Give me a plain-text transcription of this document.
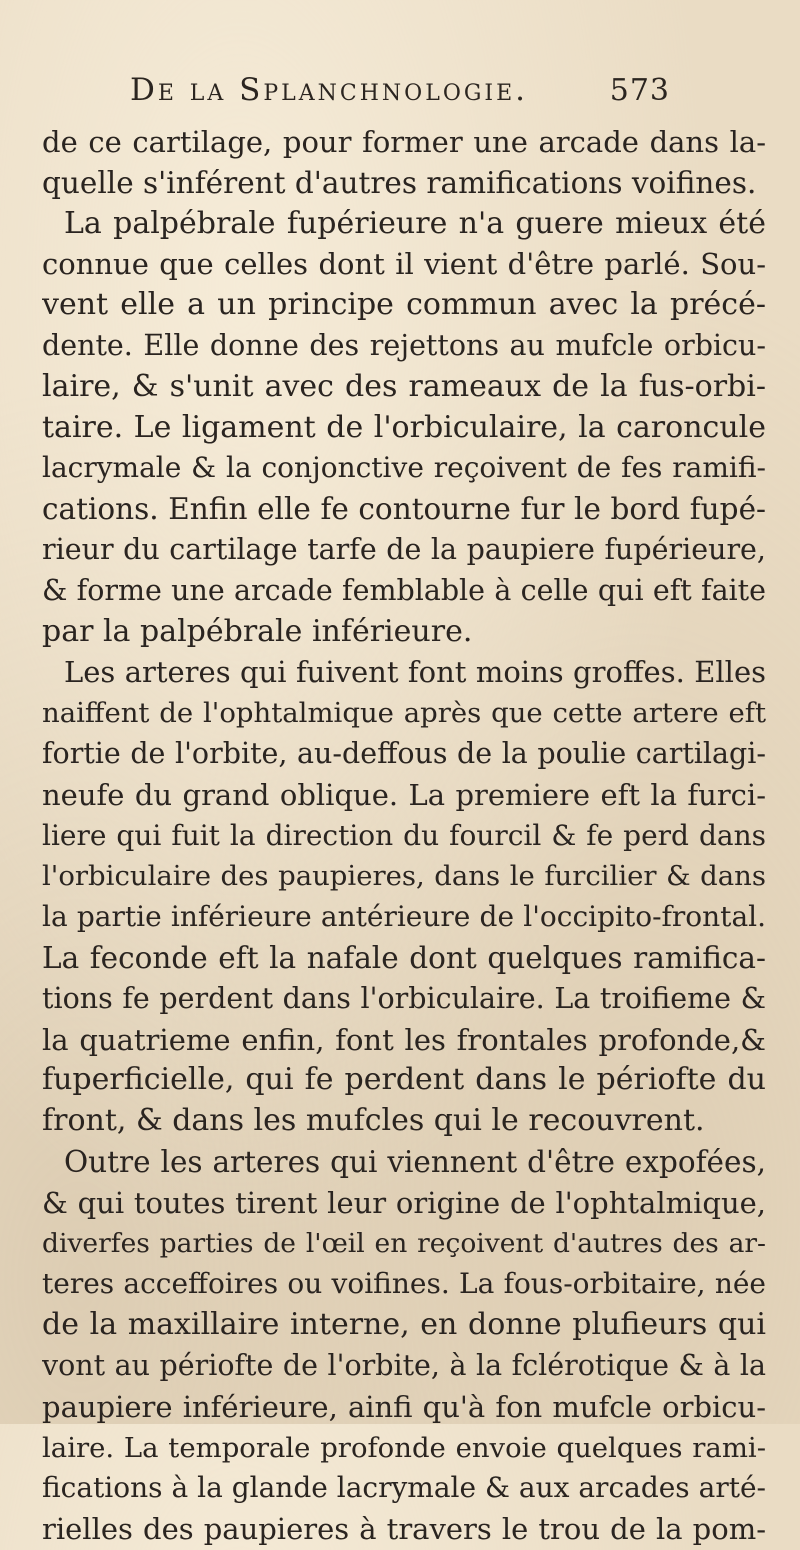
De la Splanchnologie.	573
de ce cartilage, pour former une arcade dans la-
quelle s'inférent d'autres ramifications voifines.
La palpébrale fupérieure n'a guere mieux été
connue que celles dont il vient d'être parlé. Sou-
vent elle a un principe commun avec la précé-
dente. Elle donne des rejettons au mufcle orbicu-
laire, & s'unit avec des rameaux de la fus-orbi-
taire. Le ligament de l'orbiculaire, la caroncule
lacrymale & la conjonctive reçoivent de fes ramifi-
cations. Enfin elle fe contourne fur le bord fupé-
rieur du cartilage tarfe de la paupiere fupérieure,
& forme une arcade femblable à celle qui eft faite
par la palpébrale inférieure.
Les arteres qui fuivent font moins groffes. Elles
naiffent de l'ophtalmique après que cette artere eft
fortie de l'orbite, au-deffous de la poulie cartilagi-
neufe du grand oblique. La premiere eft la furci-
liere qui fuit la direction du fourcil & fe perd dans
l'orbiculaire des paupieres, dans le furcilier & dans
la partie inférieure antérieure de l'occipito-frontal.
La feconde eft la nafale dont quelques ramifica-
tions fe perdent dans l'orbiculaire. La troifieme &
la quatrieme enfin, font les frontales profonde,&
fuperficielle, qui fe perdent dans le périofte du
front, & dans les mufcles qui le recouvrent.
Outre les arteres qui viennent d'être expofées,
& qui toutes tirent leur origine de l'ophtalmique,
diverfes parties de l'œil en reçoivent d'autres des ar-
teres acceffoires ou voifines. La fous-orbitaire, née
de la maxillaire interne, en donne plufieurs qui
vont au périofte de l'orbite, à la fclérotique & à la
paupiere inférieure, ainfi qu'à fon mufcle orbicu-
laire. La temporale profonde envoie quelques rami-
fications à la glande lacrymale & aux arcades arté-
rielles des paupieres à travers le trou de la pom-
